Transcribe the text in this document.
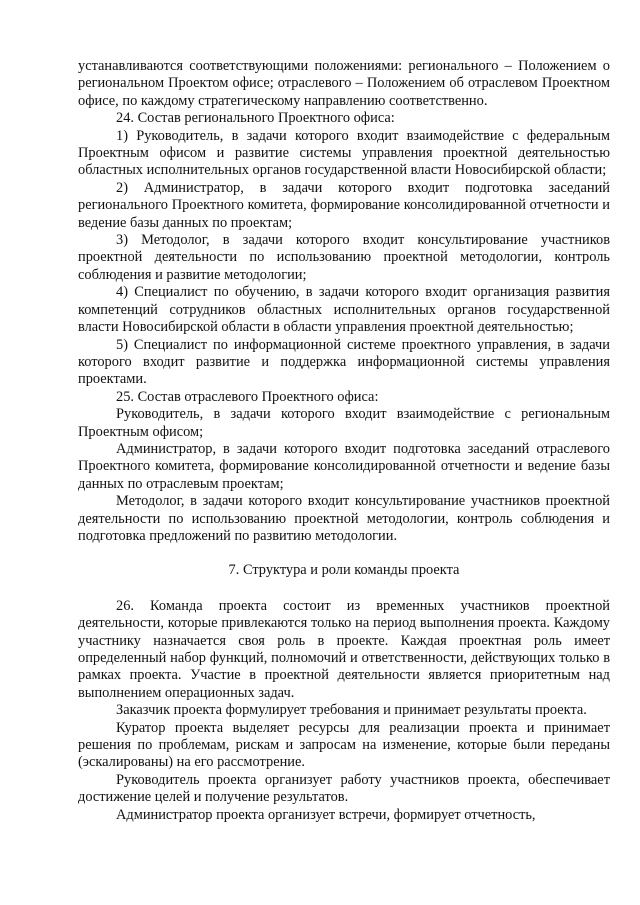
устанавливаются соответствующими положениями: регионального – Положением о региональном Проектом офисе; отраслевого – Положением об отраслевом Проектном офисе, по каждому стратегическому направлению соответственно.

24. Состав регионального Проектного офиса:

1) Руководитель, в задачи которого входит взаимодействие с федеральным Проектным офисом и развитие системы управления проектной деятельностью областных исполнительных органов государственной власти Новосибирской области;

2) Администратор, в задачи которого входит подготовка заседаний регионального Проектного комитета, формирование консолидированной отчетности и ведение базы данных по проектам;

3) Методолог, в задачи которого входит консультирование участников проектной деятельности по использованию проектной методологии, контроль соблюдения и развитие методологии;

4) Специалист по обучению, в задачи которого входит организация развития компетенций сотрудников областных исполнительных органов государственной власти Новосибирской области в области управления проектной деятельностью;

5) Специалист по информационной системе проектного управления, в задачи которого входит развитие и поддержка информационной системы управления проектами.

25. Состав отраслевого Проектного офиса:

Руководитель, в задачи которого входит взаимодействие с региональным Проектным офисом;

Администратор, в задачи которого входит подготовка заседаний отраслевого Проектного комитета, формирование консолидированной отчетности и ведение базы данных по отраслевым проектам;

Методолог, в задачи которого входит консультирование участников проектной деятельности по использованию проектной методологии, контроль соблюдения и подготовка предложений по развитию методологии.

7. Структура и роли команды проекта

26. Команда проекта состоит из временных участников проектной деятельности, которые привлекаются только на период выполнения проекта. Каждому участнику назначается своя роль в проекте. Каждая проектная роль имеет определенный набор функций, полномочий и ответственности, действующих только в рамках проекта. Участие в проектной деятельности является приоритетным над выполнением операционных задач.

Заказчик проекта формулирует требования и принимает результаты проекта.

Куратор проекта выделяет ресурсы для реализации проекта и принимает решения по проблемам, рискам и запросам на изменение, которые были переданы (эскалированы) на его рассмотрение.

Руководитель проекта организует работу участников проекта, обеспечивает достижение целей и получение результатов.

Администратор проекта организует встречи, формирует отчетность,
